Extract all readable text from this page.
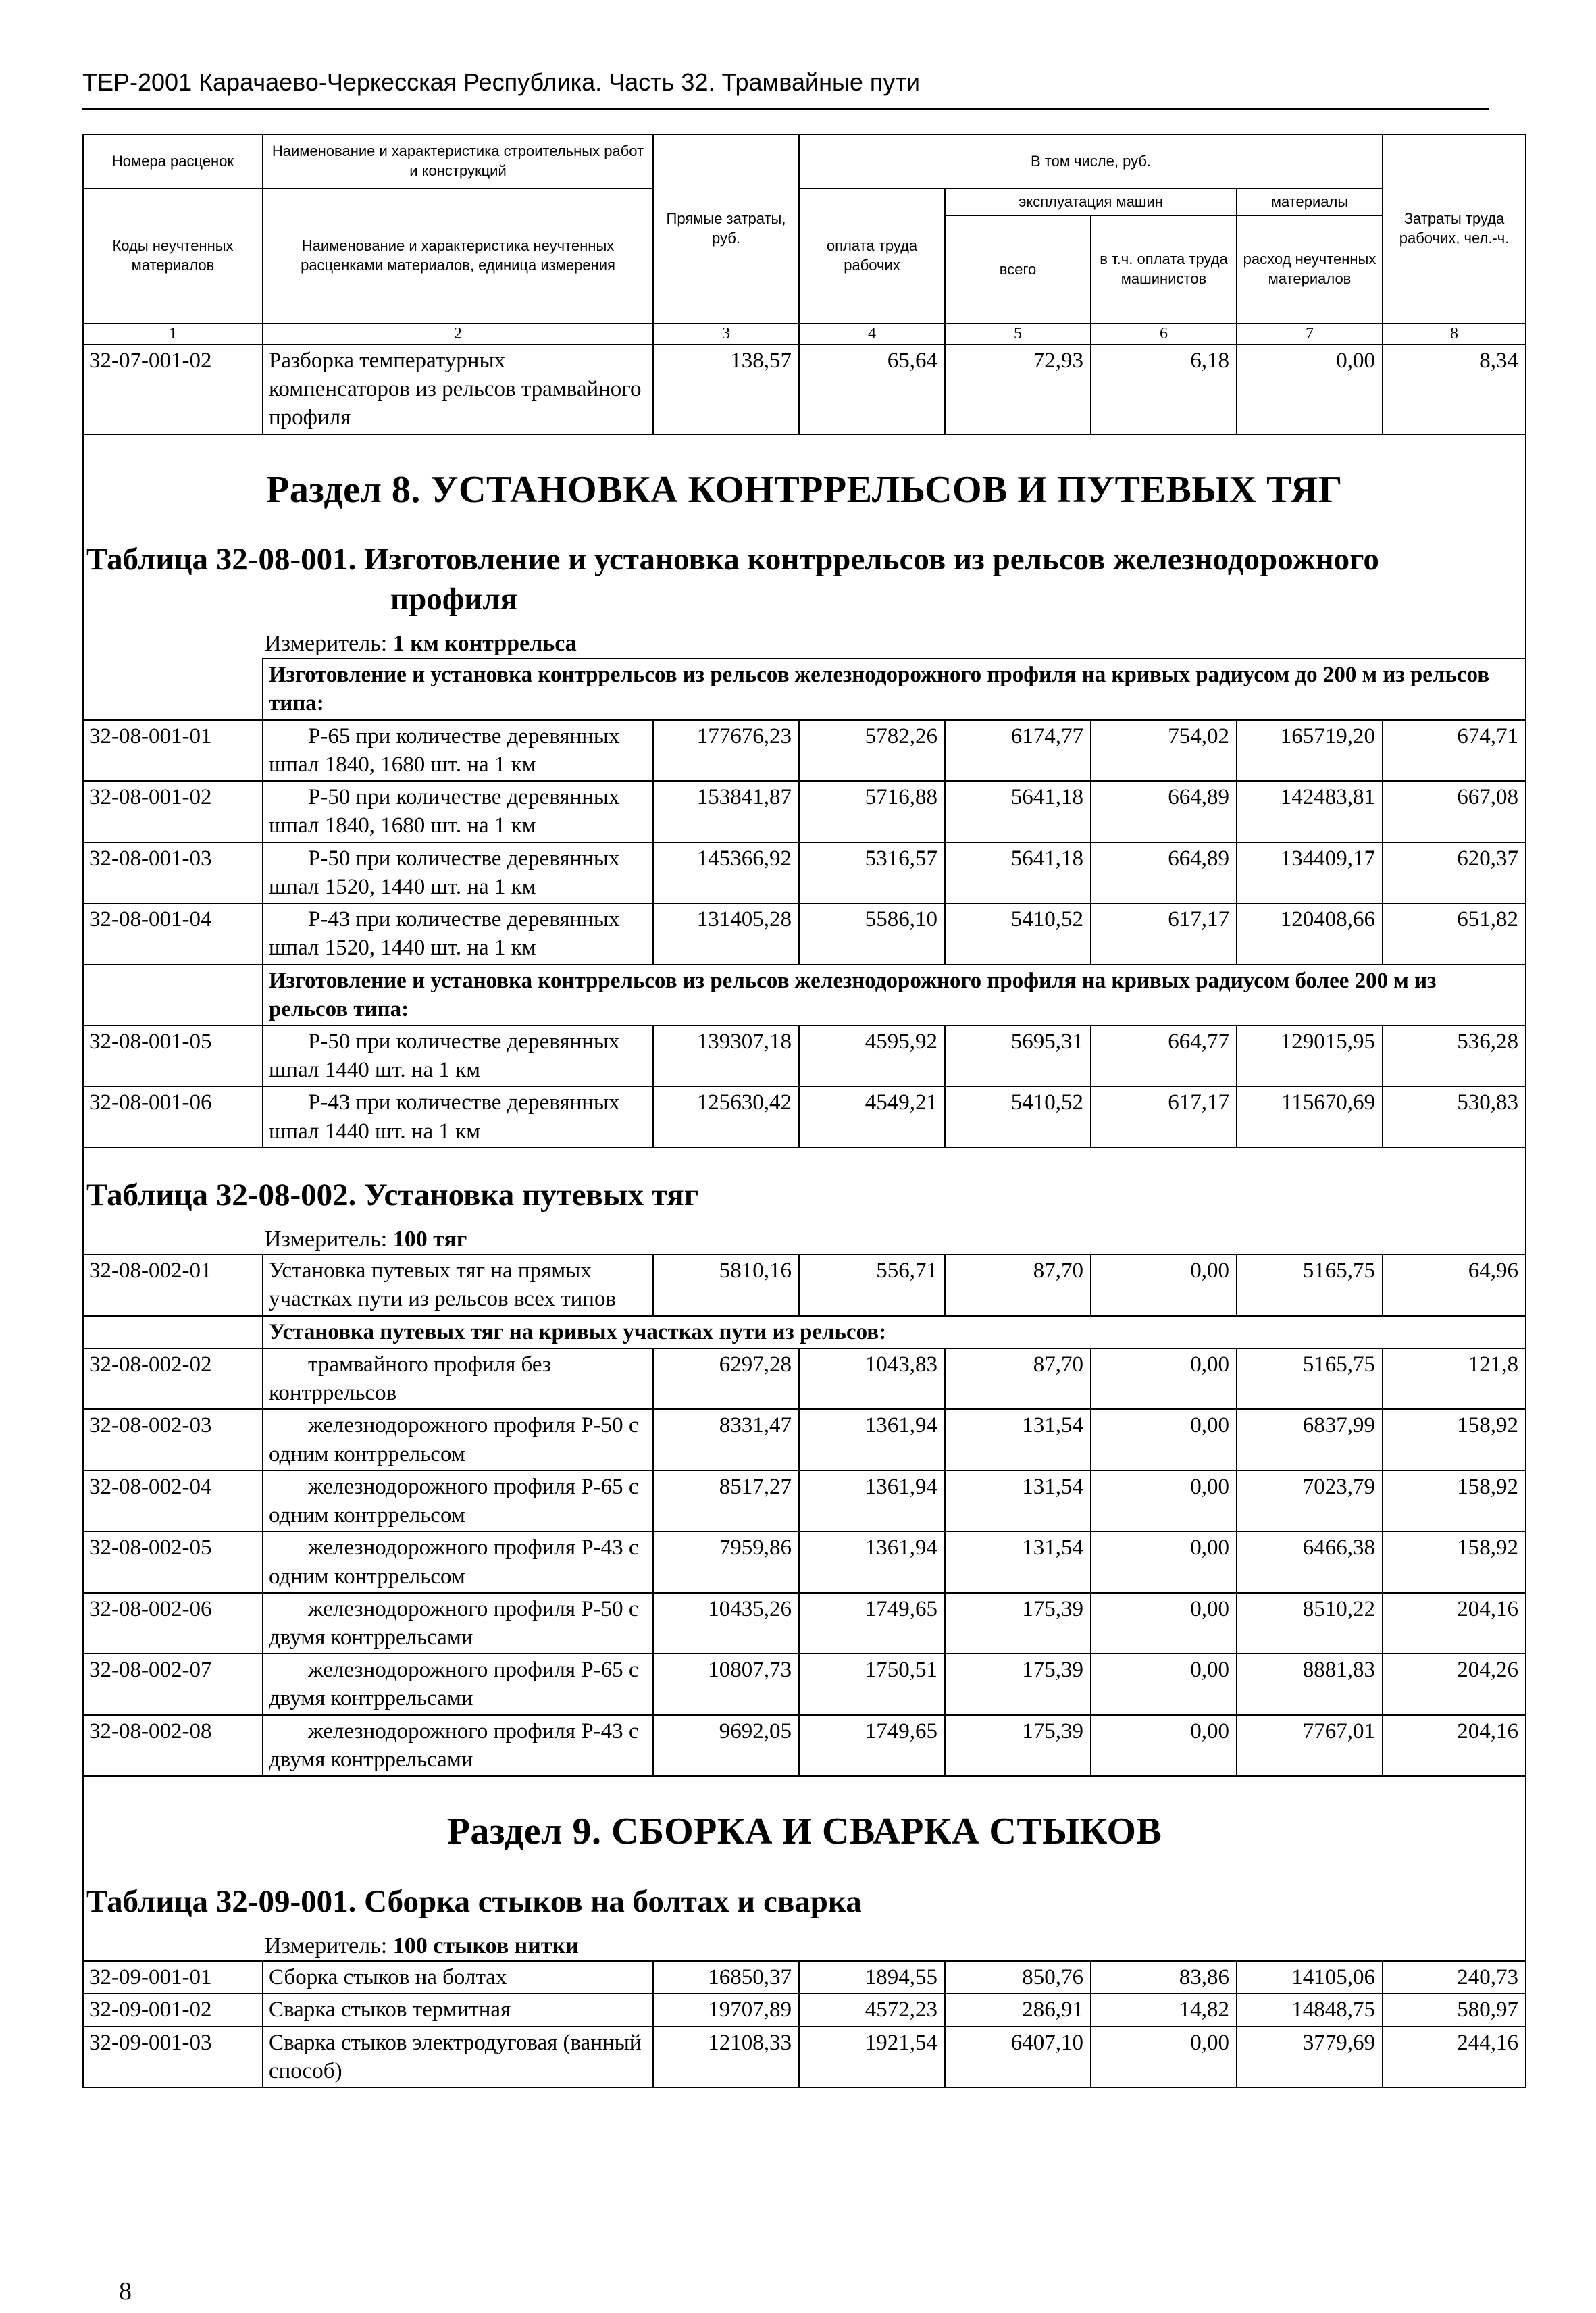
ТЕР-2001 Карачаево-Черкесская Республика. Часть 32. Трамвайные пути
Номера расценок	Наименование и характеристика строительных работ и конструкций	Прямые затраты, руб.	В том числе, руб.				Затраты труда рабочих, чел.-ч.
Коды неучтенных материалов	Наименование и характеристика неучтенных расценками материалов, единица измерения		оплата труда рабочих	эксплуатация машин		материалы	
				всего	в т.ч. оплата труда машинистов	расход неучтенных материалов	
1	2	3	4	5	6	7	8
32-07-001-02	Разборка температурных компенсаторов из рельсов трамвайного профиля	138,57	65,64	72,93	6,18	0,00	8,34

Раздел 8. УСТАНОВКА КОНТРРЕЛЬСОВ И ПУТЕВЫХ ТЯГ							

Таблица 32-08-001. Изготовление и установка контррельсов из рельсов железнодорожного
профиля							

Измеритель: 1 км контррельса							

	Изготовление и установка контррельсов из рельсов железнодорожного профиля на кривых радиусом до 200 м из рельсов типа:						
32-08-001-01	Р-65 при количестве деревянных шпал 1840, 1680 шт. на 1 км	177676,23	5782,26	6174,77	754,02	165719,20	674,71
32-08-001-02	Р-50 при количестве деревянных шпал 1840, 1680 шт. на 1 км	153841,87	5716,88	5641,18	664,89	142483,81	667,08
32-08-001-03	Р-50 при количестве деревянных шпал 1520, 1440 шт. на 1 км	145366,92	5316,57	5641,18	664,89	134409,17	620,37
32-08-001-04	Р-43 при количестве деревянных шпал 1520, 1440 шт. на 1 км	131405,28	5586,10	5410,52	617,17	120408,66	651,82
	Изготовление и установка контррельсов из рельсов железнодорожного профиля на кривых радиусом более 200 м из рельсов типа:						
32-08-001-05	Р-50 при количестве деревянных шпал 1440 шт. на 1 км	139307,18	4595,92	5695,31	664,77	129015,95	536,28
32-08-001-06	Р-43 при количестве деревянных шпал 1440 шт. на 1 км	125630,42	4549,21	5410,52	617,17	115670,69	530,83

Таблица 32-08-002. Установка путевых тяг							

Измеритель: 100 тяг							

32-08-002-01	Установка путевых тяг на прямых участках пути из рельсов всех типов	5810,16	556,71	87,70	0,00	5165,75	64,96
	Установка путевых тяг на кривых участках пути из рельсов:						
32-08-002-02	трамвайного профиля без контррельсов	6297,28	1043,83	87,70	0,00	5165,75	121,8
32-08-002-03	железнодорожного профиля Р-50 с одним контррельсом	8331,47	1361,94	131,54	0,00	6837,99	158,92
32-08-002-04	железнодорожного профиля Р-65 с одним контррельсом	8517,27	1361,94	131,54	0,00	7023,79	158,92
32-08-002-05	железнодорожного профиля Р-43 с одним контррельсом	7959,86	1361,94	131,54	0,00	6466,38	158,92
32-08-002-06	железнодорожного профиля Р-50 с двумя контррельсами	10435,26	1749,65	175,39	0,00	8510,22	204,16
32-08-002-07	железнодорожного профиля Р-65 с двумя контррельсами	10807,73	1750,51	175,39	0,00	8881,83	204,26
32-08-002-08	железнодорожного профиля Р-43 с двумя контррельсами	9692,05	1749,65	175,39	0,00	7767,01	204,16

Раздел 9. СБОРКА И СВАРКА СТЫКОВ							

Таблица 32-09-001. Сборка стыков на болтах и сварка							

Измеритель: 100 стыков нитки							

32-09-001-01	Сборка стыков на болтах	16850,37	1894,55	850,76	83,86	14105,06	240,73
32-09-001-02	Сварка стыков термитная	19707,89	4572,23	286,91	14,82	14848,75	580,97
32-09-001-03	Сварка стыков электродуговая (ванный способ)	12108,33	1921,54	6407,10	0,00	3779,69	244,16
8
